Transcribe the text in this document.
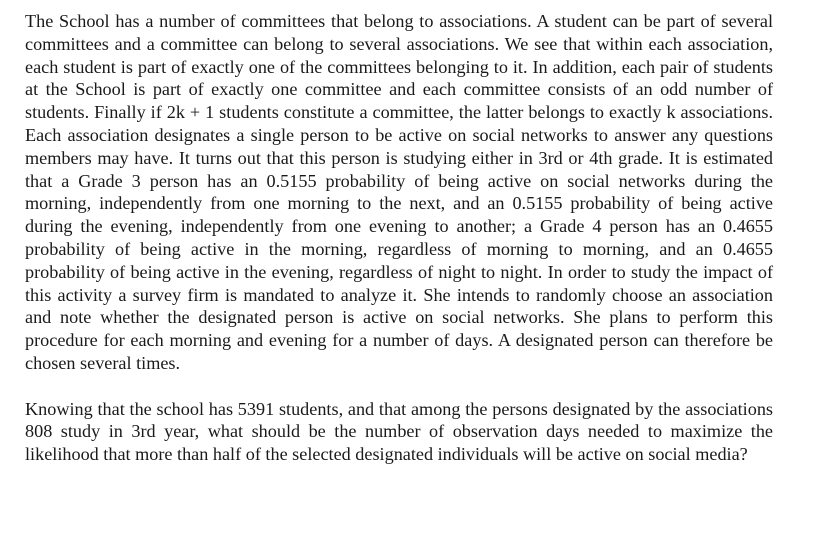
The School has a number of committees that belong to associations. A student can be part of several committees and a committee can belong to several associations. We see that within each association, each student is part of exactly one of the committees belonging to it. In addition, each pair of students at the School is part of exactly one committee and each committee consists of an odd number of students. Finally if 2k + 1 students constitute a committee, the latter belongs to exactly k associations. Each association designates a single person to be active on social networks to answer any questions members may have. It turns out that this person is studying either in 3rd or 4th grade. It is estimated that a Grade 3 person has an 0.5155 probability of being active on social networks during the morning, independently from one morning to the next, and an 0.5155 probability of being active during the evening, independently from one evening to another; a Grade 4 person has an 0.4655 probability of being active in the morning, regardless of morning to morning, and an 0.4655 probability of being active in the evening, regardless of night to night. In order to study the impact of this activity a survey firm is mandated to analyze it. She intends to randomly choose an association and note whether the designated person is active on social networks. She plans to perform this procedure for each morning and evening for a number of days. A designated person can therefore be chosen several times.

Knowing that the school has 5391 students, and that among the persons designated by the associations 808 study in 3rd year, what should be the number of observation days needed to maximize the likelihood that more than half of the selected designated individuals will be active on social media?
